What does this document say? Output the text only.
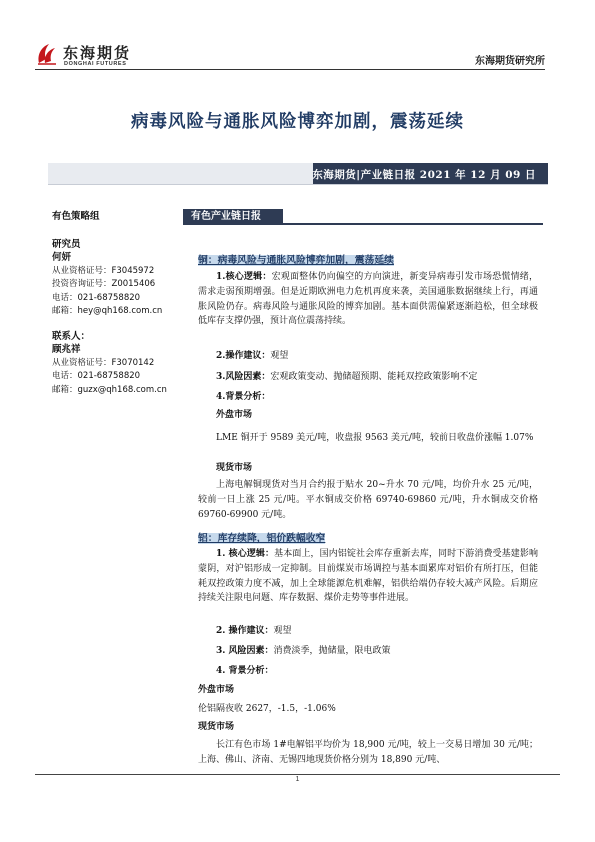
东海期货
DONGHAI FUTURES	东海期货研究所
病毒风险与通胀风险博弈加剧，震荡延续
东海期货|产业链日报 2021 年 12 月 09 日
有色策略组
研究员
何妍
从业资格证号：F3045972
投资咨询证号：Z0015406
电话：021-68758820
邮箱：hey@qh168.com.cn
联系人：
顾兆祥
从业资格证号：F3070142
电话：021-68758820
邮箱：guzx@qh168.com.cn
有色产业链日报
铜：病毒风险与通胀风险博弈加剧，震荡延续
1.核心逻辑：宏观面整体仍向偏空的方向演进，新变异病毒引发市场恐慌情绪，需求走弱预期增强。但是近期欧洲电力危机再度来袭，美国通胀数据继续上行，再通胀风险仍存。病毒风险与通胀风险的博弈加剧。基本面供需偏紧逐渐趋松，但全球极低库存支撑仍强，预计高位震荡持续。
2.操作建议：观望
3.风险因素：宏观政策变动、抛储超预期、能耗双控政策影响不定
4.背景分析：
外盘市场
LME 铜开于 9589 美元/吨，收盘报 9563 美元/吨，较前日收盘价涨幅 1.07%
现货市场
上海电解铜现货对当月合约报于贴水 20~升水 70 元/吨，均价升水 25 元/吨，较前一日上涨 25 元/吨。平水铜成交价格 69740-69860 元/吨，升水铜成交价格 69760-69900 元/吨。
铝：库存续降，铝价跌幅收窄
1. 核心逻辑：基本面上，国内铝锭社会库存重新去库，同时下游消费受基建影响蒙阴，对沪铝形成一定抑制。目前煤炭市场调控与基本面累库对铝价有所打压，但能耗双控政策力度不减，加上全球能源危机难解，铝供给端仍存较大减产风险。后期应持续关注限电问题、库存数据、煤价走势等事件进展。
2. 操作建议：观望
3. 风险因素：消费淡季，抛储量，限电政策
4. 背景分析：
外盘市场
伦铝隔夜收 2627，-1.5，-1.06%
现货市场
长江有色市场 1#电解铝平均价为 18,900 元/吨，较上一交易日增加 30 元/吨；上海、佛山、济南、无锡四地现货价格分别为 18,890 元/吨、
1
